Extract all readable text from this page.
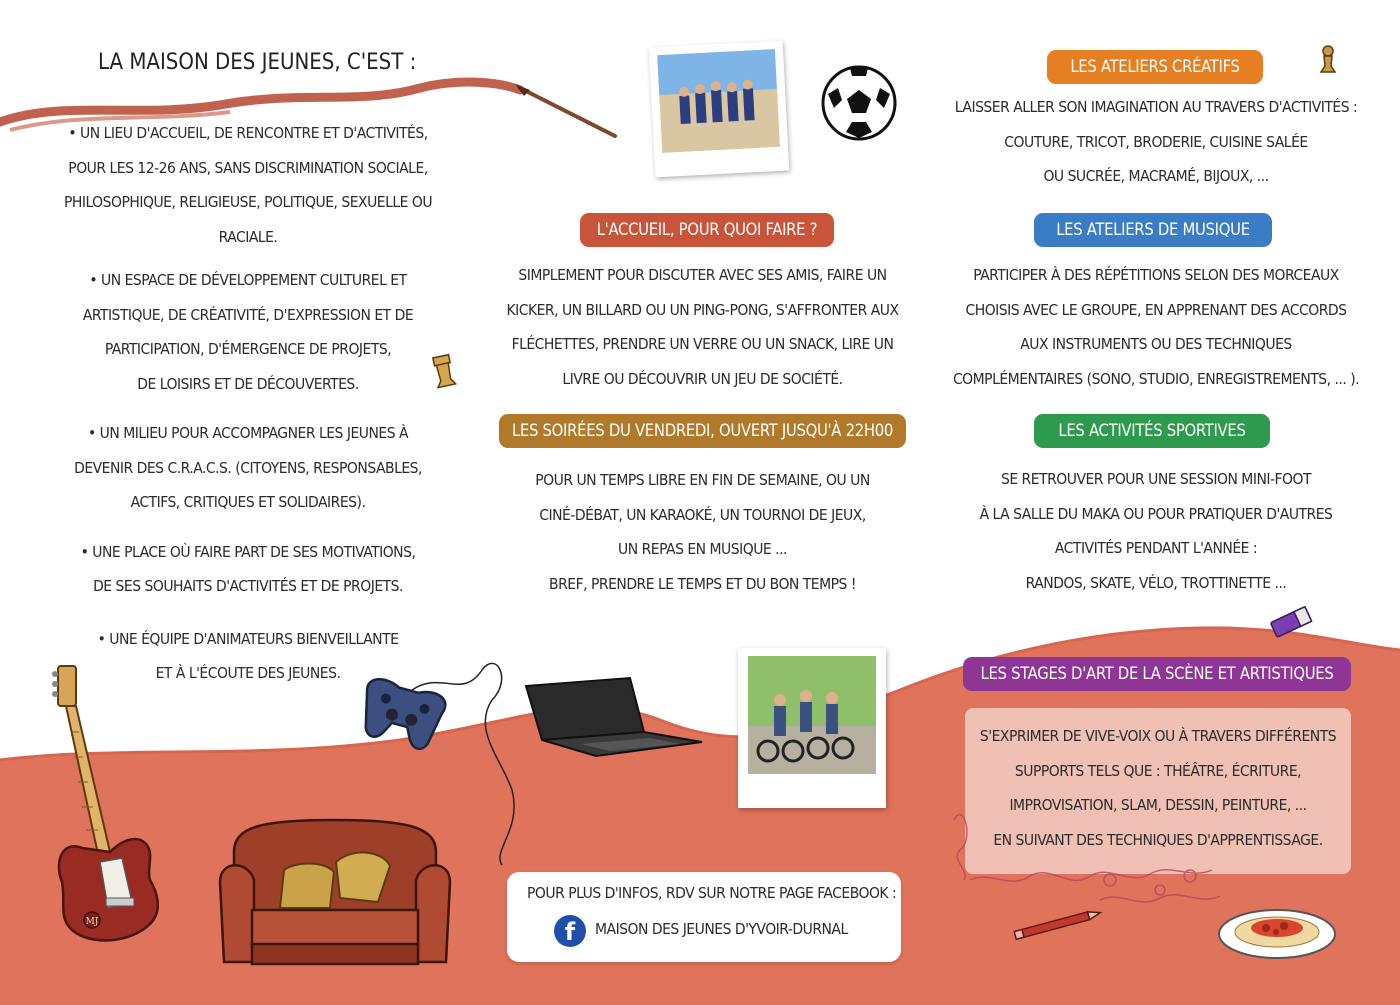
LA MAISON DES JEUNES, C'EST :

• UN LIEU D'ACCUEIL, DE RENCONTRE ET D'ACTIVITÉS,

POUR LES 12-26 ANS, SANS DISCRIMINATION SOCIALE,

PHILOSOPHIQUE, RELIGIEUSE, POLITIQUE, SEXUELLE OU

RACIALE.

• UN ESPACE DE DÉVELOPPEMENT CULTUREL ET

ARTISTIQUE, DE CRÉATIVITÉ, D'EXPRESSION ET DE

PARTICIPATION, D'ÉMERGENCE DE PROJETS,

DE LOISIRS ET DE DÉCOUVERTES.

• UN MILIEU POUR ACCOMPAGNER LES JEUNES À

DEVENIR DES C.R.A.C.S. (CITOYENS, RESPONSABLES,

ACTIFS, CRITIQUES ET SOLIDAIRES).

• UNE PLACE OÙ FAIRE PART DE SES MOTIVATIONS,

DE SES SOUHAITS D'ACTIVITÉS ET DE PROJETS.

• UNE ÉQUIPE D'ANIMATEURS BIENVEILLANTE

ET À L'ÉCOUTE DES JEUNES.

L'ACCUEIL, POUR QUOI FAIRE ?
SIMPLEMENT POUR DISCUTER AVEC SES AMIS, FAIRE UN
KICKER, UN BILLARD OU UN PING-PONG, S'AFFRONTER AUX
FLÉCHETTES, PRENDRE UN VERRE OU UN SNACK, LIRE UN
LIVRE OU DÉCOUVRIR UN JEU DE SOCIÉTÉ.
LES SOIRÉES DU VENDREDI, OUVERT JUSQU'À 22H00
POUR UN TEMPS LIBRE EN FIN DE SEMAINE, OU UN
CINÉ-DÉBAT, UN KARAOKÉ, UN TOURNOI DE JEUX,
UN REPAS EN MUSIQUE ...
BREF, PRENDRE LE TEMPS ET DU BON TEMPS !
LES ATELIERS CRÉATIFS
LAISSER ALLER SON IMAGINATION AU TRAVERS D'ACTIVITÉS :
COUTURE, TRICOT, BRODERIE, CUISINE SALÉE
OU SUCRÉE, MACRAMÉ, BIJOUX, ...
LES ATELIERS DE MUSIQUE
PARTICIPER À DES RÉPÉTITIONS SELON DES MORCEAUX
CHOISIS AVEC LE GROUPE, EN APPRENANT DES ACCORDS
AUX INSTRUMENTS OU DES TECHNIQUES
COMPLÉMENTAIRES (SONO, STUDIO, ENREGISTREMENTS, ... ).
LES ACTIVITÉS SPORTIVES
SE RETROUVER POUR UNE SESSION MINI-FOOT
À LA SALLE DU MAKA OU POUR PRATIQUER D'AUTRES
ACTIVITÉS PENDANT L'ANNÉE :
RANDOS, SKATE, VÉLO, TROTTINETTE ...
LES STAGES D'ART DE LA SCÈNE ET ARTISTIQUES
S'EXPRIMER DE VIVE-VOIX OU À TRAVERS DIFFÉRENTS
SUPPORTS TELS QUE : THÉÂTRE, ÉCRITURE,
IMPROVISATION, SLAM, DESSIN, PEINTURE, ...
EN SUIVANT DES TECHNIQUES D'APPRENTISSAGE.
MJ
POUR PLUS D'INFOS, RDV SUR NOTRE PAGE FACEBOOK :
f	MAISON DES JEUNES D'YVOIR-DURNAL
